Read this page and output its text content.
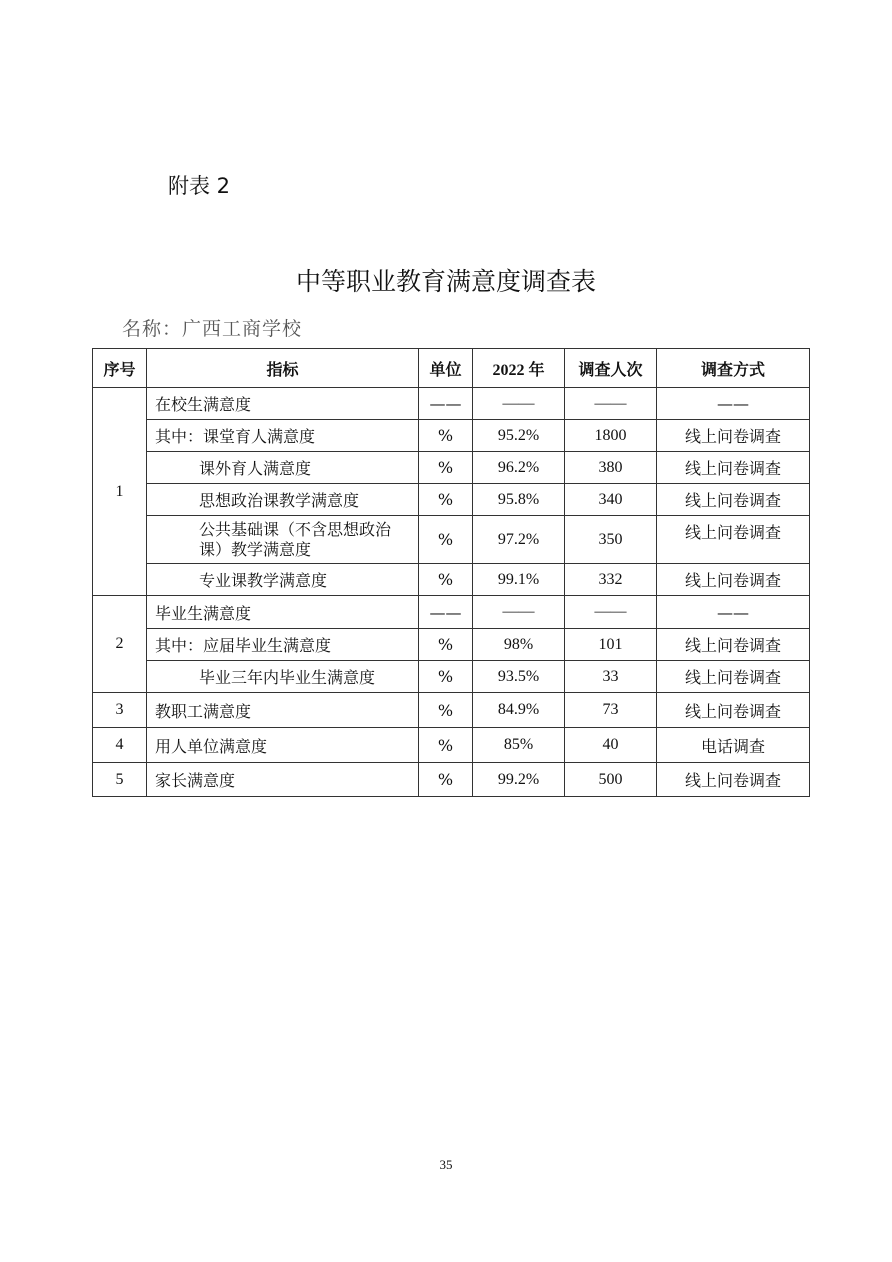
附表 2
中等职业教育满意度调查表
名称：广西工商学校
序号	指标	单位	2022 年	调查人次	调查方式
1	在校生满意度	——	——	——	——
	其中：课堂育人满意度	%	95.2%	1800	线上问卷调查
	课外育人满意度	%	96.2%	380	线上问卷调查
	思想政治课教学满意度	%	95.8%	340	线上问卷调查
	公共基础课（不含思想政治课）教学满意度	%	97.2%	350	线上问卷调查
	专业课教学满意度	%	99.1%	332	线上问卷调查
2	毕业生满意度	——	——	——	——
	其中：应届毕业生满意度	%	98%	101	线上问卷调查
	毕业三年内毕业生满意度	%	93.5%	33	线上问卷调查
3	教职工满意度	%	84.9%	73	线上问卷调查
4	用人单位满意度	%	85%	40	电话调查
5	家长满意度	%	99.2%	500	线上问卷调查
35
